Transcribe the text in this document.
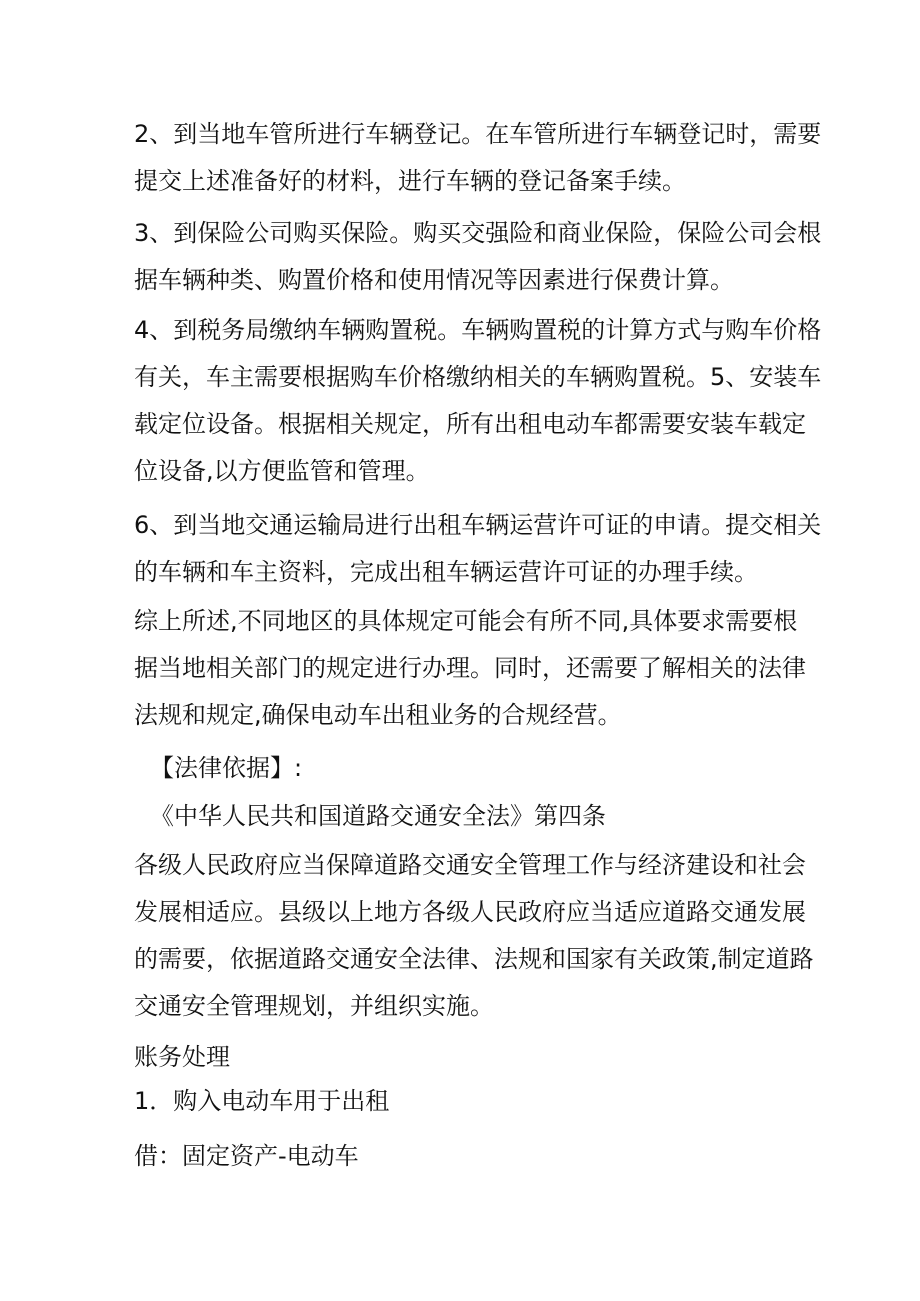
2、到当地车管所进行车辆登记。在车管所进行车辆登记时，需要
提交上述准备好的材料，进行车辆的登记备案手续。
3、到保险公司购买保险。购买交强险和商业保险，保险公司会根
据车辆种类、购置价格和使用情况等因素进行保费计算。
4、到税务局缴纳车辆购置税。车辆购置税的计算方式与购车价格
有关，车主需要根据购车价格缴纳相关的车辆购置税。5、安装车
载定位设备。根据相关规定，所有出租电动车都需要安装车载定
位设备,以方便监管和管理。
6、到当地交通运输局进行出租车辆运营许可证的申请。提交相关
的车辆和车主资料，完成出租车辆运营许可证的办理手续。
综上所述,不同地区的具体规定可能会有所不同,具体要求需要根
据当地相关部门的规定进行办理。同时，还需要了解相关的法律
法规和规定,确保电动车出租业务的合规经营。
【法律依据】:
《中华人民共和国道路交通安全法》第四条
各级人民政府应当保障道路交通安全管理工作与经济建设和社会
发展相适应。县级以上地方各级人民政府应当适应道路交通发展
的需要，依据道路交通安全法律、法规和国家有关政策,制定道路
交通安全管理规划，并组织实施。
账务处理
1．购入电动车用于出租
借：固定资产-电动车
